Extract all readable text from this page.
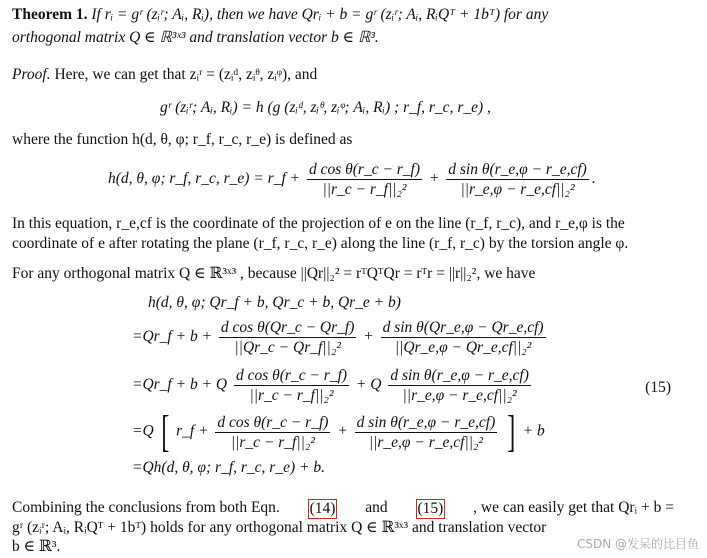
Theorem 1. If rᵢ = gʳ (zᵢʳ; Aᵢ, Rᵢ), then we have Qrᵢ + b = gʳ (zᵢʳ; Aᵢ, RᵢQᵀ + 1bᵀ) for any
orthogonal matrix Q ∈ ℝ³ˣ³ and translation vector b ∈ ℝ³.
Proof. Here, we can get that zᵢʳ = (zᵢᵈ, zᵢᶿ, zᵢᵠ), and
gʳ (zᵢʳ; Aᵢ, Rᵢ) = h (g (zᵢᵈ, zᵢᶿ, zᵢᵠ; Aᵢ, Rᵢ) ; r_f, r_c, r_e) ,
where the function h(d, θ, φ; r_f, r_c, r_e) is defined as
h(d, θ, φ; r_f, r_c, r_e) = r_f + $\frac{\text{d cos θ(r\_c − r\_f)}}{\text{||r\_c − r\_f||₂²}} + \frac{\text{d sin θ(r\_e,φ − r\_e,cf)}}{\text{||r\_e,φ − r\_e,cf||₂²}}$ .
In this equation, r_e,cf is the coordinate of the projection of e on the line (r_f, r_c), and r_e,φ is the
coordinate of e after rotating the plane (r_f, r_c, r_e) along the line (r_f, r_c) by the torsion angle φ.
For any orthogonal matrix Q ∈ ℝ³ˣ³ , because ||Qr||₂² = rᵀQᵀQr = rᵀr = ||r||₂², we have
h(d, θ, φ; Qr_f + b, Qr_c + b, Qr_e + b)
=Qr_f + $b + \frac{\text{d cos θ(Qr\_c − Qr\_f)}}{\text{||Qr\_c − Qr\_f||₂²}} + \frac{\text{d sin θ(Qr\_e,φ − Qr\_e,cf)}}{\text{||Qr\_e,φ − Qr\_e,cf||₂²}}$
=Qr_f + b + Q $\frac{\text{d cos θ(r\_c − r\_f)}}{\text{||r\_c − r\_f||₂²}} + Q \frac{\text{d sin θ(r\_e,φ − r\_e,cf)}}{\text{||r\_e,φ − r\_e,cf||₂²}}$	(15)
=Q [ r_f + $\frac{\text{d cos θ(r\_c − r\_f)}}{\text{||r\_c − r\_f||₂²}} + \frac{\text{d sin θ(r\_e,φ − r\_e,cf)}}{\text{||r\_e,φ − r\_e,cf||₂²}}$ ] + b
=Qh(d, θ, φ; r_f, r_c, r_e) + b.
Combining the conclusions from both Eqn. (14) and (15) , we can easily get that Qrᵢ + b =
gʳ (zᵢʳ; Aᵢ, RᵢQᵀ + 1bᵀ) holds for any orthogonal matrix Q ∈ ℝ³ˣ³ and translation vector
b ∈ ℝ³.	CSDN @发呆的比目鱼
